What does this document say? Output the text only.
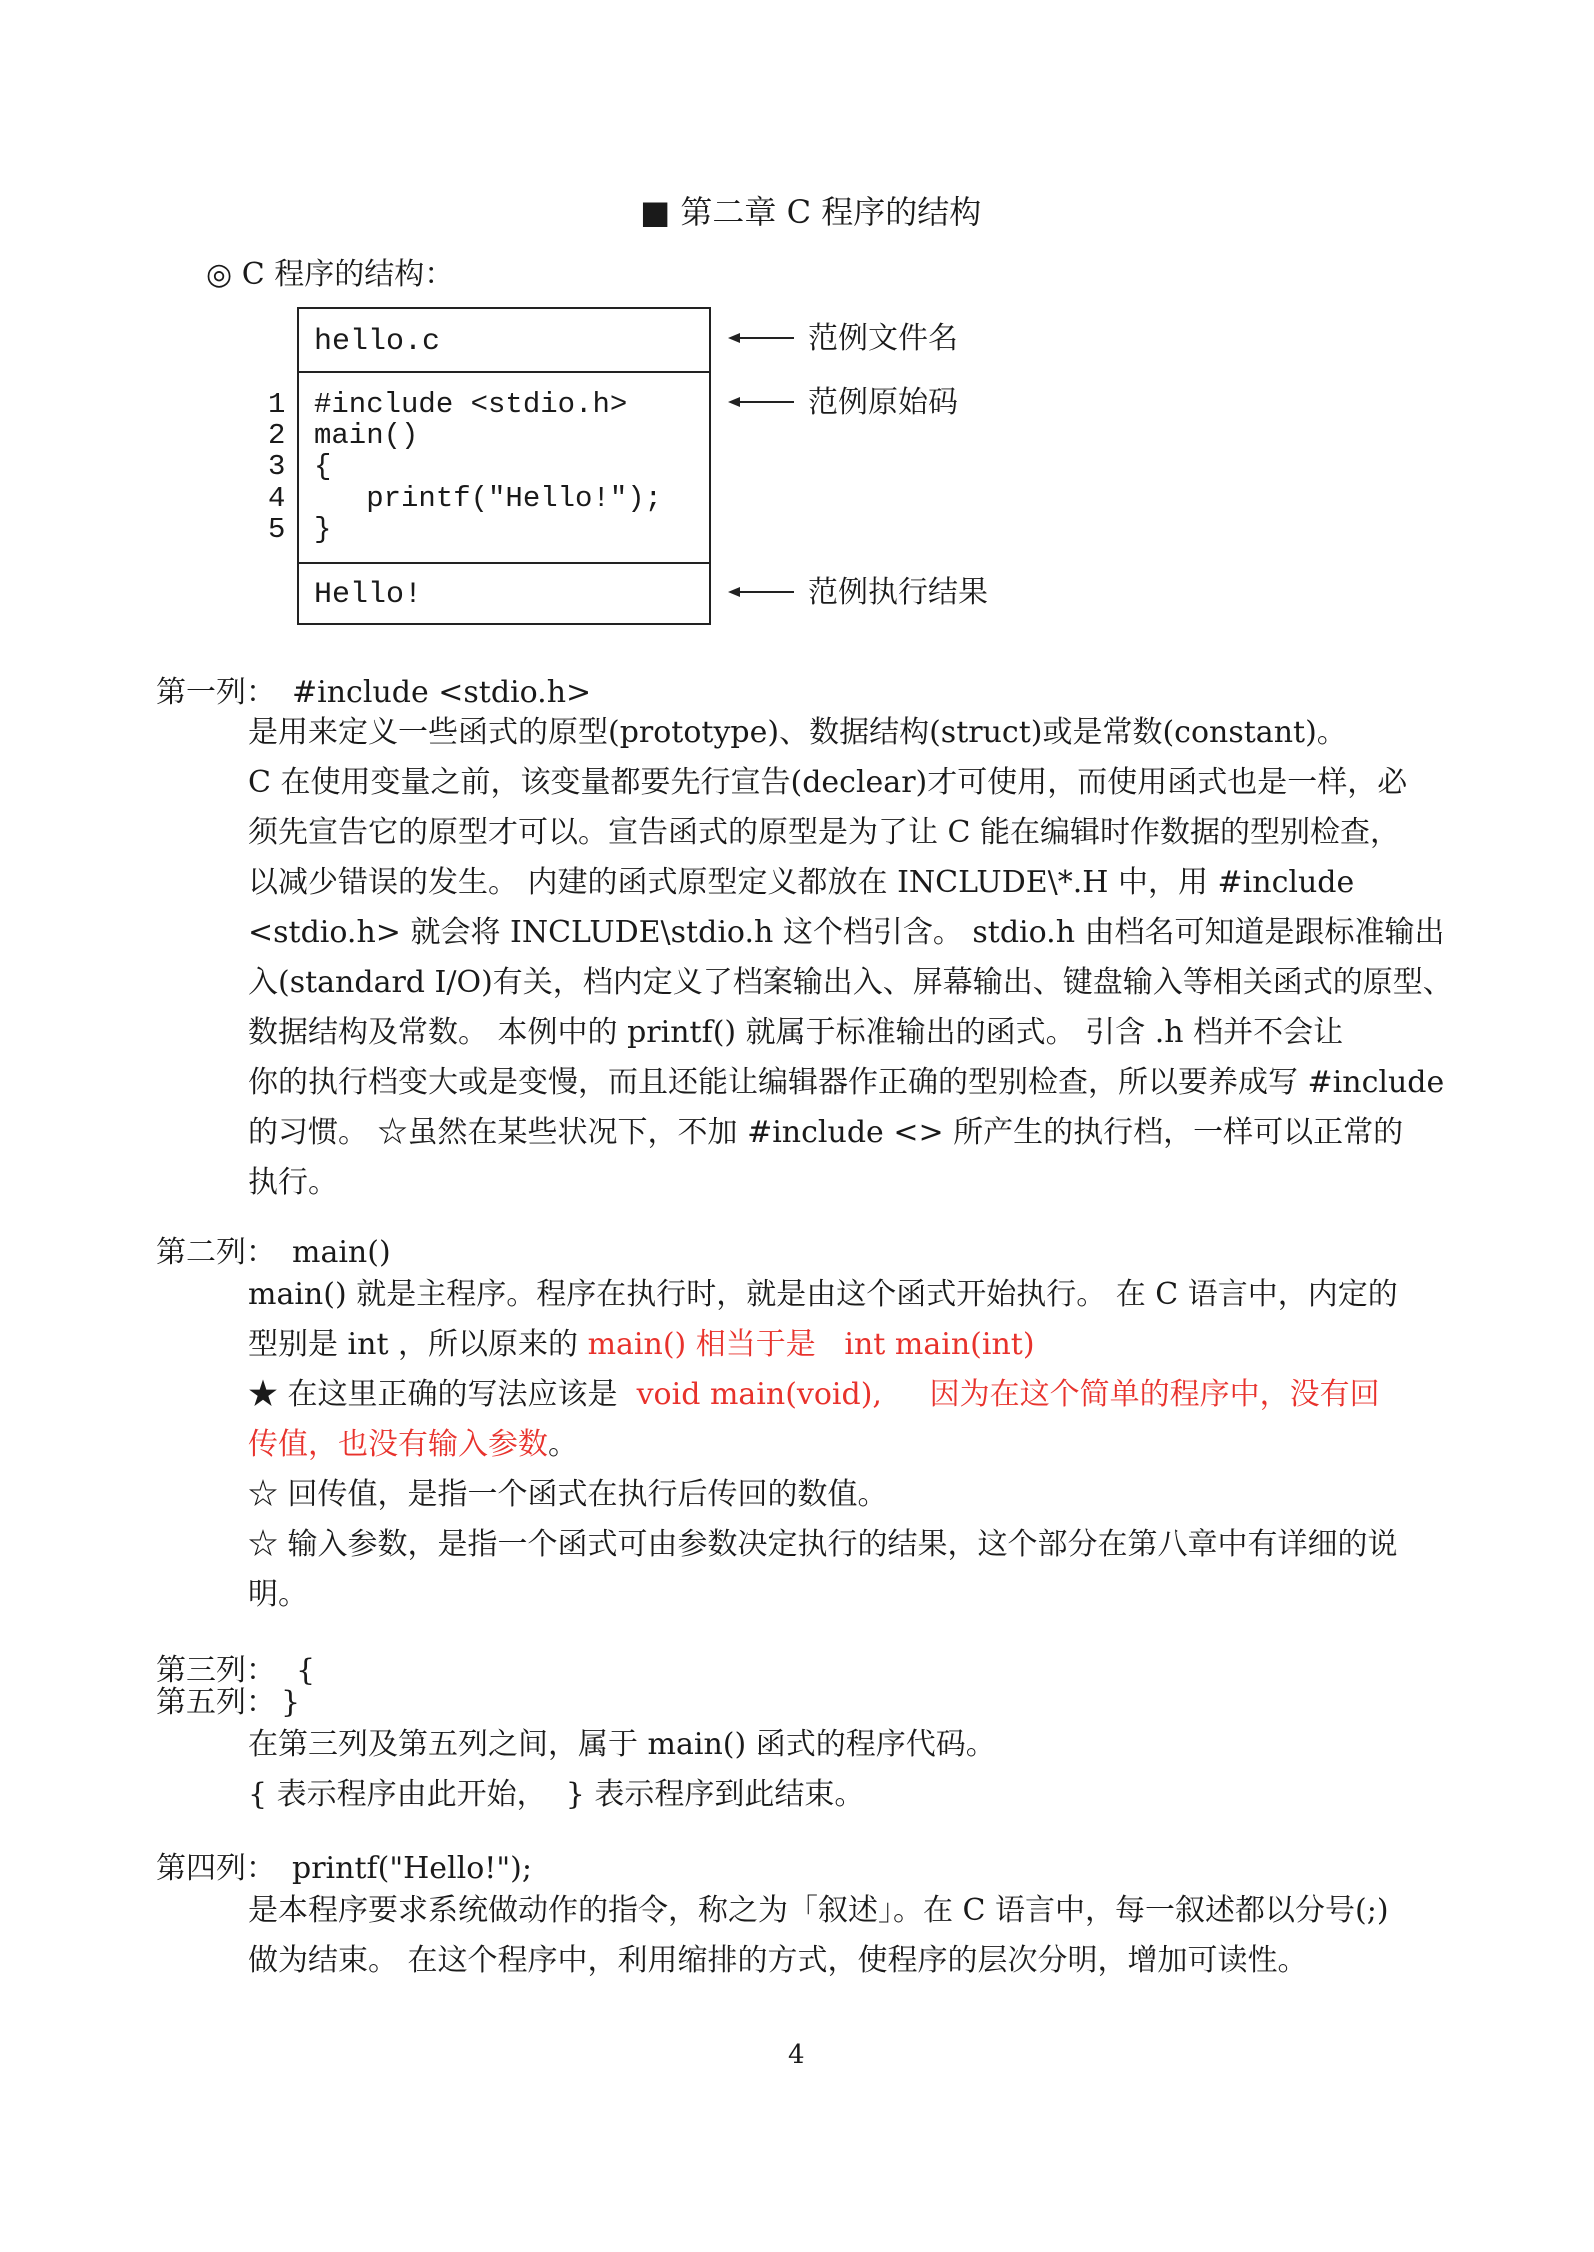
■ 第二章 C 程序的结构
◎ C 程序的结构：
hello.c
1
2
3
4
5
#include <stdio.h>
main()
{
printf("Hello!");
}
Hello!
范例文件名
范例原始码
范例执行结果
第一列： #include <stdio.h>
是用来定义一些函式的原型(prototype)、数据结构(struct)或是常数(constant)。
C 在使用变量之前，该变量都要先行宣告(declear)才可使用，而使用函式也是一样，必
须先宣告它的原型才可以。宣告函式的原型是为了让 C 能在编辑时作数据的型别检查，
以减少错误的发生。 内建的函式原型定义都放在 INCLUDE\*.H 中，用 #include
<stdio.h> 就会将 INCLUDE\stdio.h 这个档引含。 stdio.h 由档名可知道是跟标准输出
入(standard I/O)有关，档内定义了档案输出入、屏幕输出、键盘输入等相关函式的原型、
数据结构及常数。 本例中的 printf() 就属于标准输出的函式。 引含 .h 档并不会让
你的执行档变大或是变慢，而且还能让编辑器作正确的型别检查，所以要养成写 #include
的习惯。 ☆虽然在某些状况下，不加 #include <> 所产生的执行档，一样可以正常的
执行。
第二列： main()
main() 就是主程序。程序在执行时，就是由这个函式开始执行。 在 C 语言中，内定的
型别是 int ，所以原来的 main() 相当于是   int main(int)
★ 在这里正确的写法应该是  void main(void),     因为在这个简单的程序中，没有回
传值，也没有输入参数。
☆ 回传值，是指一个函式在执行后传回的数值。
☆ 输入参数，是指一个函式可由参数决定执行的结果，这个部分在第八章中有详细的说
明。
第三列： {
第五列： }
在第三列及第五列之间，属于 main() 函式的程序代码。
{ 表示程序由此开始，  } 表示程序到此结束。
第四列： printf("Hello!");
是本程序要求系统做动作的指令，称之为「叙述」。在 C 语言中，每一叙述都以分号(;)
做为结束。 在这个程序中，利用缩排的方式，使程序的层次分明，增加可读性。
4
